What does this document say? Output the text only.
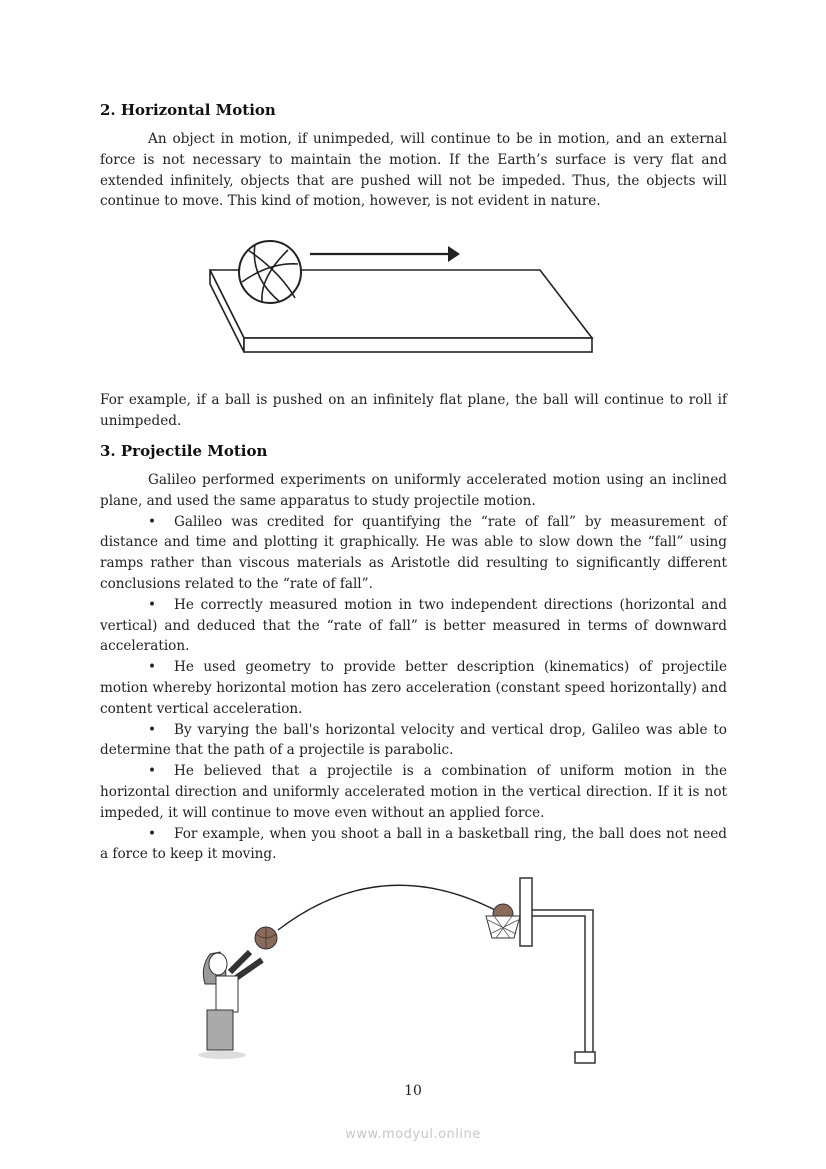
2. Horizontal Motion

An object in motion, if unimpeded, will continue to be in motion, and an external force is not necessary to maintain the motion. If the Earth’s surface is very flat and extended infinitely, objects that are pushed will not be impeded. Thus, the objects will continue to move. This kind of motion, however, is not evident in nature.

For example, if a ball is pushed on an infinitely flat plane, the ball will continue to roll if unimpeded.

3. Projectile Motion

Galileo performed experiments on uniformly accelerated motion using an inclined plane, and used the same apparatus to study projectile motion.

• Galileo was credited for quantifying the “rate of fall” by measurement of distance and time and plotting it graphically. He was able to slow down the “fall” using ramps rather than viscous materials as Aristotle did resulting to significantly different conclusions related to the “rate of fall”.

• He correctly measured motion in two independent directions (horizontal and vertical) and deduced that the “rate of fall” is better measured in terms of downward acceleration.

• He used geometry to provide better description (kinematics) of projectile motion whereby horizontal motion has zero acceleration (constant speed horizontally) and content vertical acceleration.

• By varying the ball's horizontal velocity and vertical drop, Galileo was able to determine that the path of a projectile is parabolic.

• He believed that a projectile is a combination of uniform motion in the horizontal direction and uniformly accelerated motion in the vertical direction. If it is not impeded, it will continue to move even without an applied force.

• For example, when you shoot a ball in a basketball ring, the ball does not need a force to keep it moving.

10
www.modyul.online
